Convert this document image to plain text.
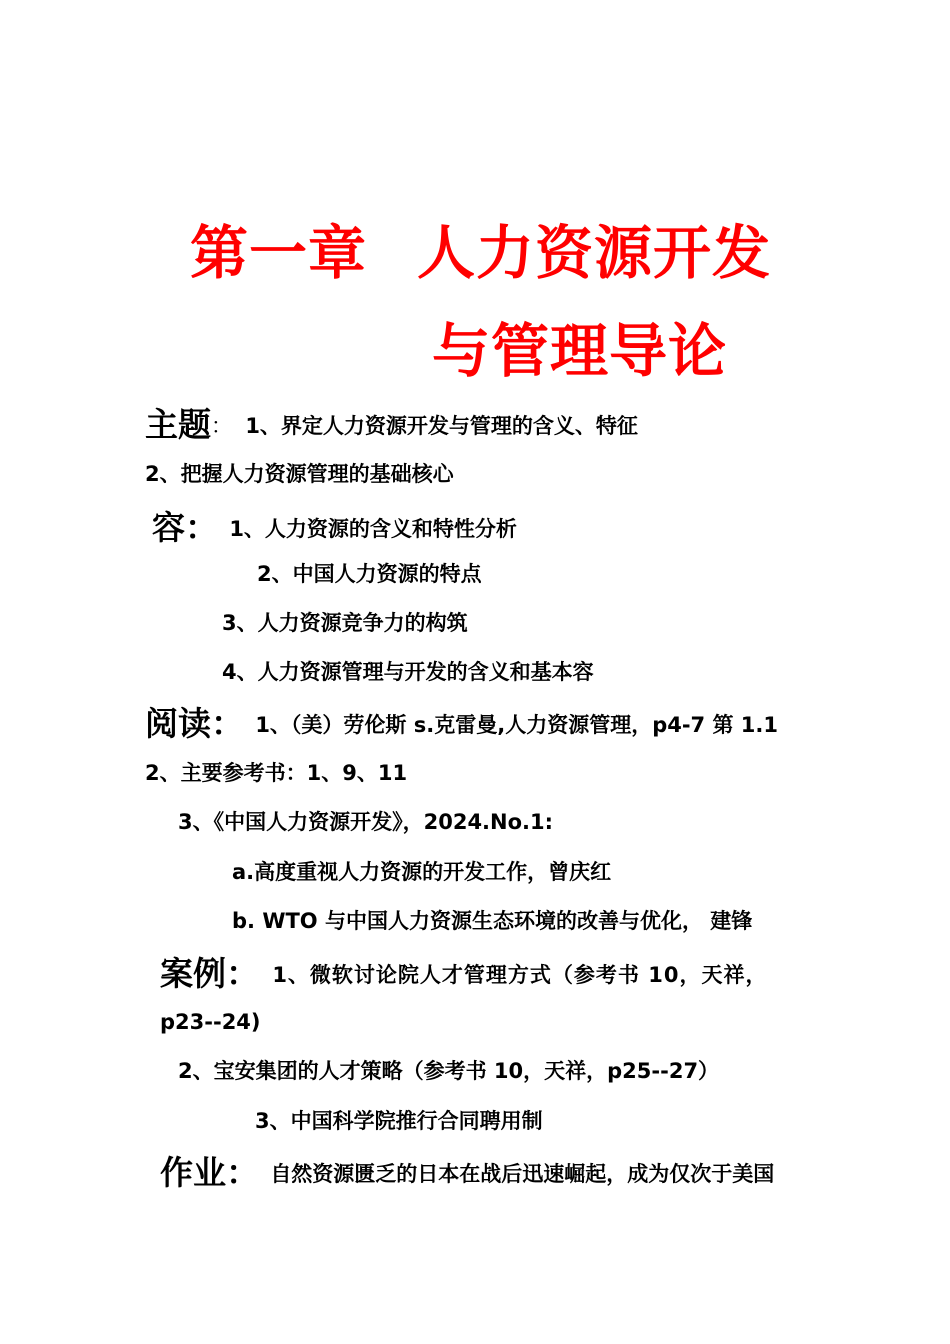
第一章 人力资源开发
与管理导论
主题： 1、界定人力资源开发与管理的含义、特征
2、把握人力资源管理的基础核心
容： 1、人力资源的含义和特性分析
2、中国人力资源的特点
3、人力资源竞争力的构筑
4、人力资源管理与开发的含义和基本容
阅读： 1、（美）劳伦斯 s.克雷曼,人力资源管理，p4-7 第 1.1
2、主要参考书：1、9、11
3、《中国人力资源开发》，2024.No.1:
a.高度重视人力资源的开发工作，曾庆红
b. WTO 与中国人力资源生态环境的改善与优化， 建锋
案例： 1、微软讨论院人才管理方式（参考书 10，天祥，
p23--24)
2、宝安集团的人才策略（参考书 10，天祥，p25--27）
3、中国科学院推行合同聘用制
作业： 自然资源匮乏的日本在战后迅速崛起，成为仅次于美国
